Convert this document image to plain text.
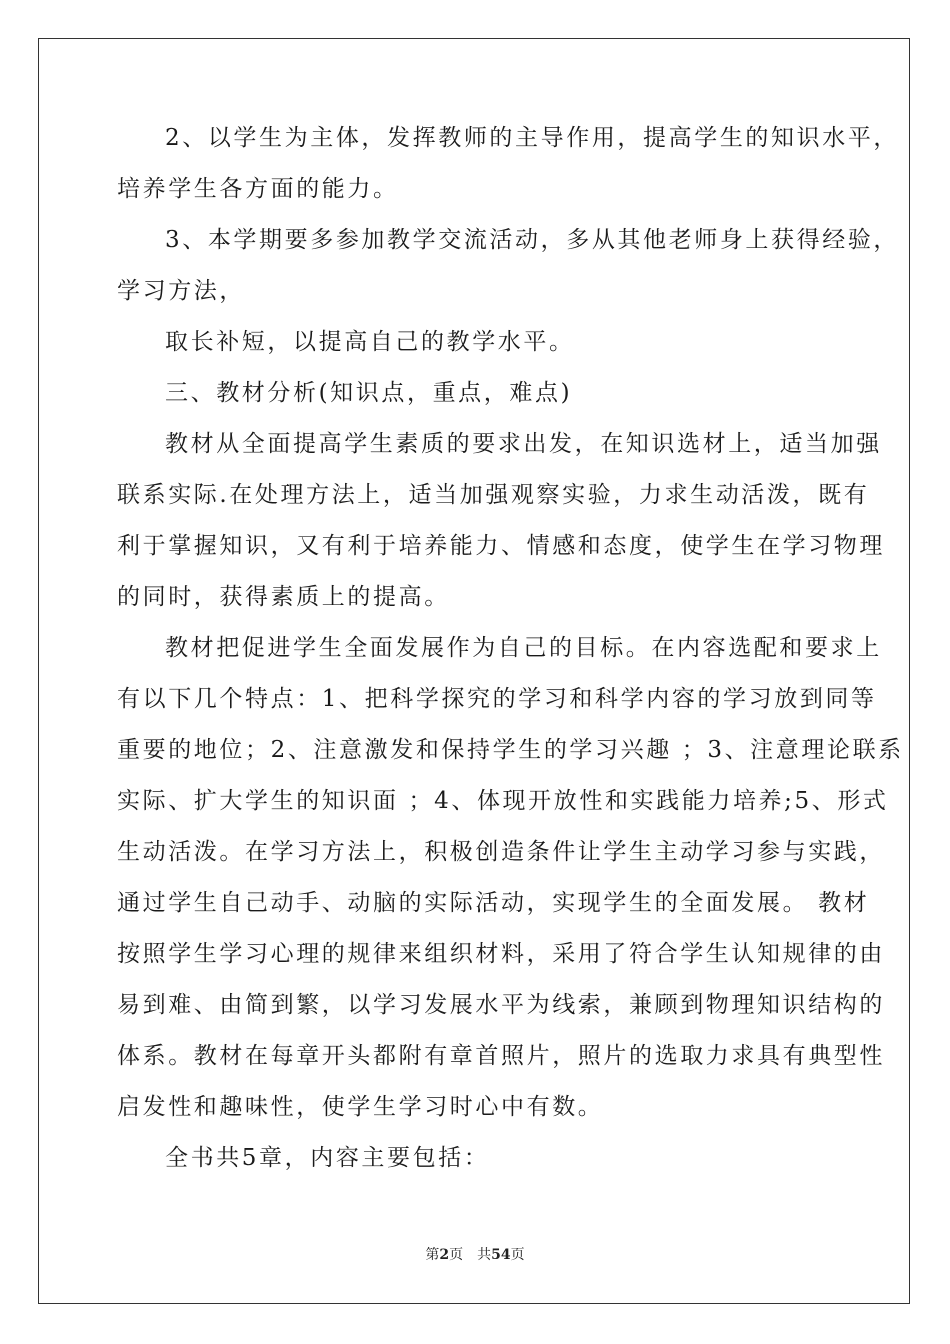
2、以学生为主体，发挥教师的主导作用，提高学生的知识水平，

培养学生各方面的能力。

3、本学期要多参加教学交流活动，多从其他老师身上获得经验，

学习方法，

取长补短，以提高自己的教学水平。

三、教材分析(知识点，重点，难点)

教材从全面提高学生素质的要求出发，在知识选材上，适当加强

联系实际.在处理方法上，适当加强观察实验，力求生动活泼，既有

利于掌握知识，又有利于培养能力、情感和态度，使学生在学习物理

的同时，获得素质上的提高。

教材把促进学生全面发展作为自己的目标。在内容选配和要求上

有以下几个特点：1、把科学探究的学习和科学内容的学习放到同等

重要的地位；2、注意激发和保持学生的学习兴趣 ；3、注意理论联系

实际、扩大学生的知识面 ；4、体现开放性和实践能力培养;5、形式

生动活泼。在学习方法上，积极创造条件让学生主动学习参与实践，

通过学生自己动手、动脑的实际活动，实现学生的全面发展。 教材

按照学生学习心理的规律来组织材料，采用了符合学生认知规律的由

易到难、由简到繁，以学习发展水平为线索，兼顾到物理知识结构的

体系。教材在每章开头都附有章首照片，照片的选取力求具有典型性

启发性和趣味性，使学生学习时心中有数。

全书共5章，内容主要包括：

第2页　共54页
